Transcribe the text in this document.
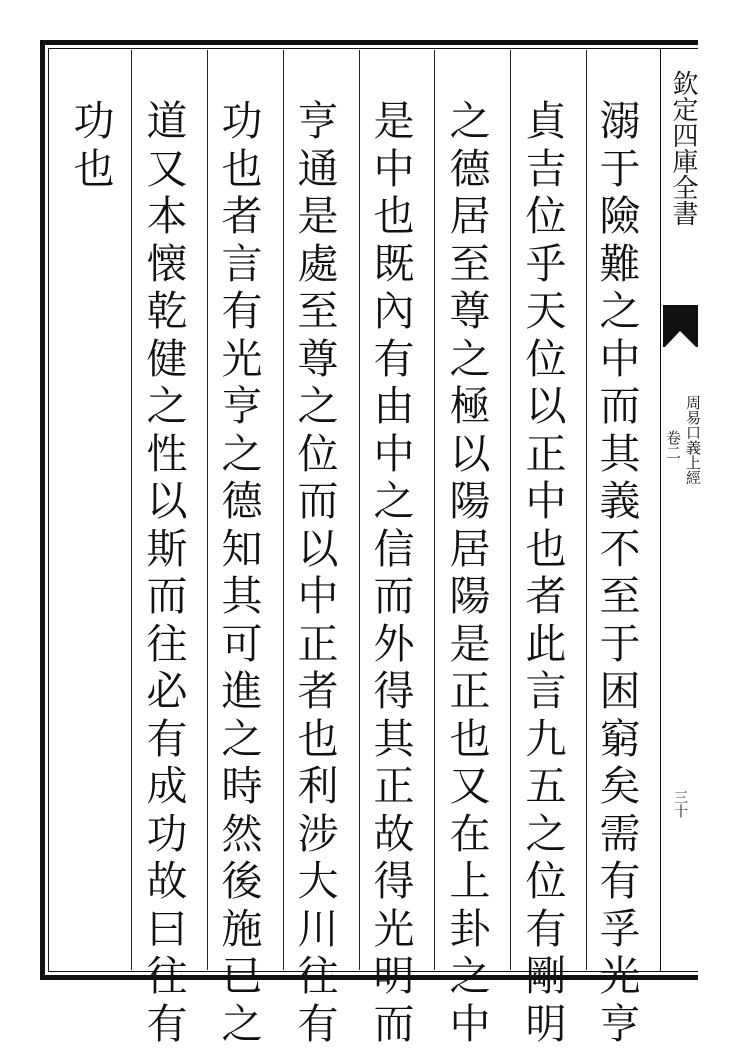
欽定四庫全書
周易口義上經
卷二
三十
溺
于
險
難
之
中
而
其
義
不
至
于
困
窮
矣
需
有
孚
光
亨
貞
吉
位
乎
天
位
以
正
中
也
者
此
言
九
五
之
位
有
剛
明
之
德
居
至
尊
之
極
以
陽
居
陽
是
正
也
又
在
上
卦
之
中
是
中
也
既
內
有
由
中
之
信
而
外
得
其
正
故
得
光
明
而
亨
通
是
處
至
尊
之
位
而
以
中
正
者
也
利
涉
大
川
往
有
功
也
者
言
有
光
亨
之
德
知
其
可
進
之
時
然
後
施
已
之
道
又
本
懐
乾
健
之
性
以
斯
而
往
必
有
成
功
故
曰
往
有
功
也
